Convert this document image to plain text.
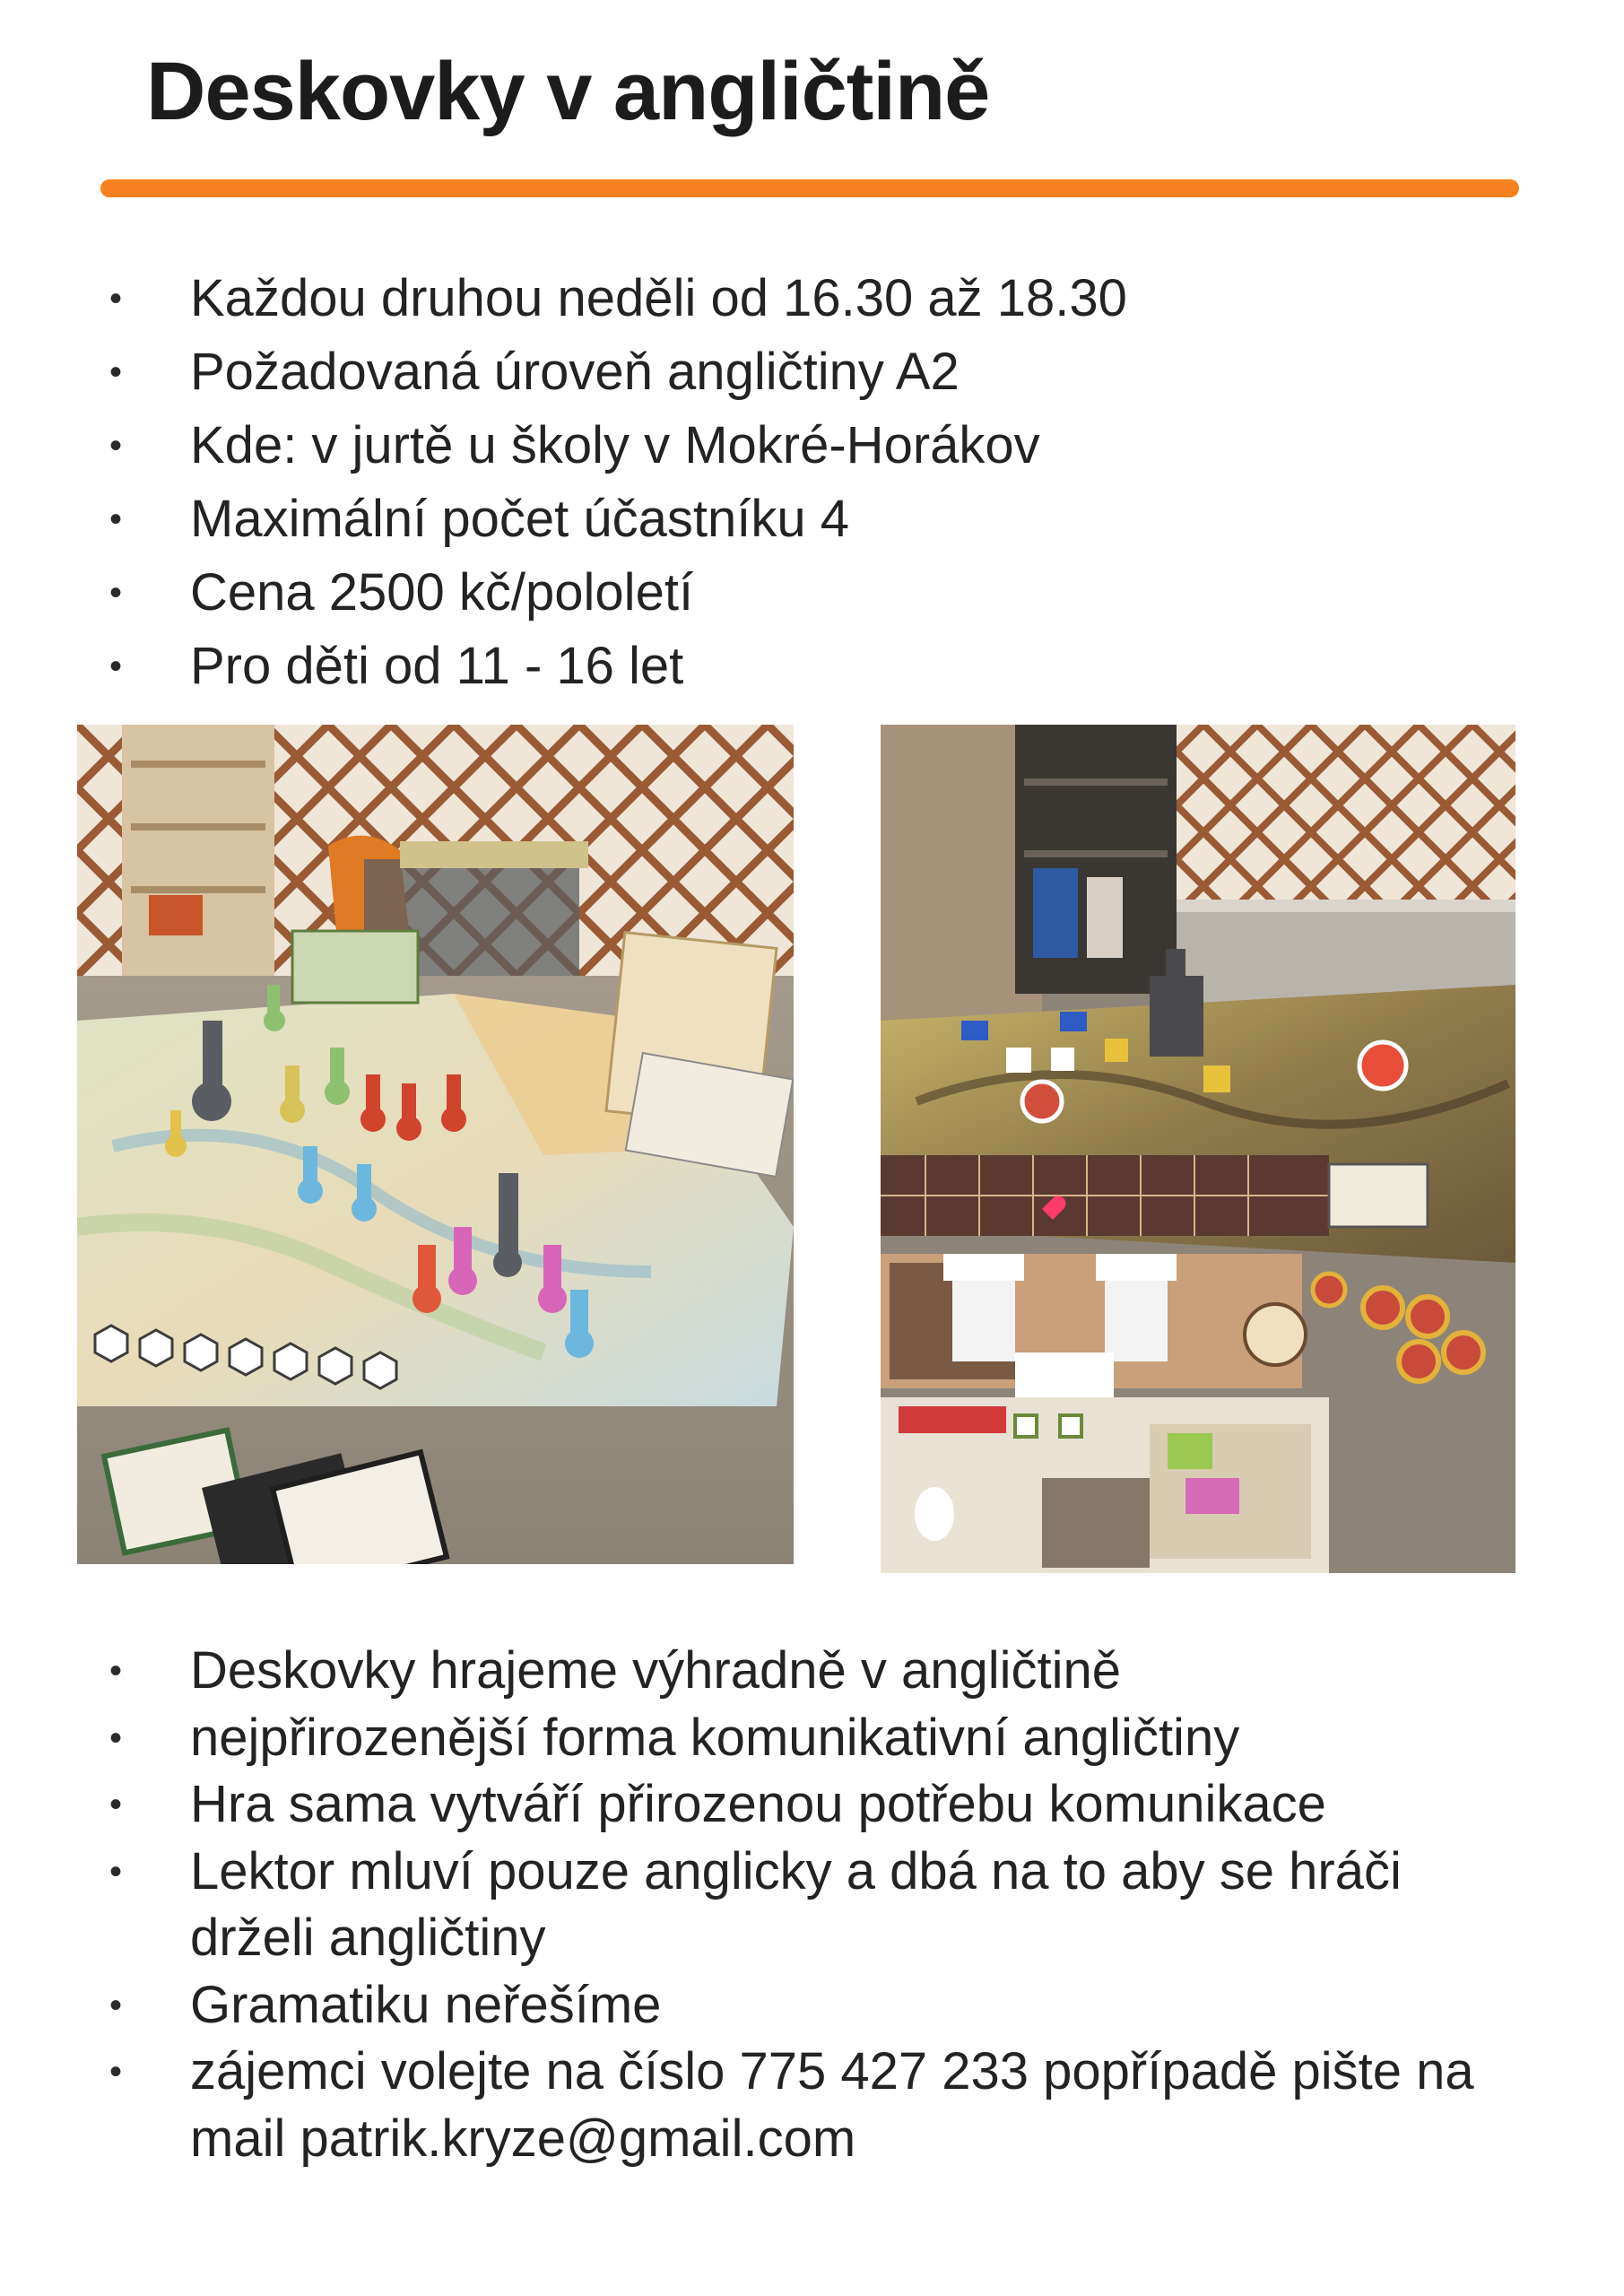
Deskovky v angličtině
• Každou druhou neděli od 16.30 až 18.30
• Požadovaná úroveň angličtiny A2
• Kde: v jurtě u školy v Mokré-Horákov
• Maximální počet účastníku 4
• Cena 2500 kč/pololetí
• Pro děti od 11 - 16 let
• Deskovky hrajeme výhradně v angličtině
• nejpřirozenější forma komunikativní angličtiny
• Hra sama vytváří přirozenou potřebu komunikace
• Lektor mluví pouze anglicky a dbá na to aby se hráči drželi angličtiny
• Gramatiku neřešíme
• zájemci volejte na číslo 775 427 233 popřípadě pište na mail patrik.kryze@gmail.com
